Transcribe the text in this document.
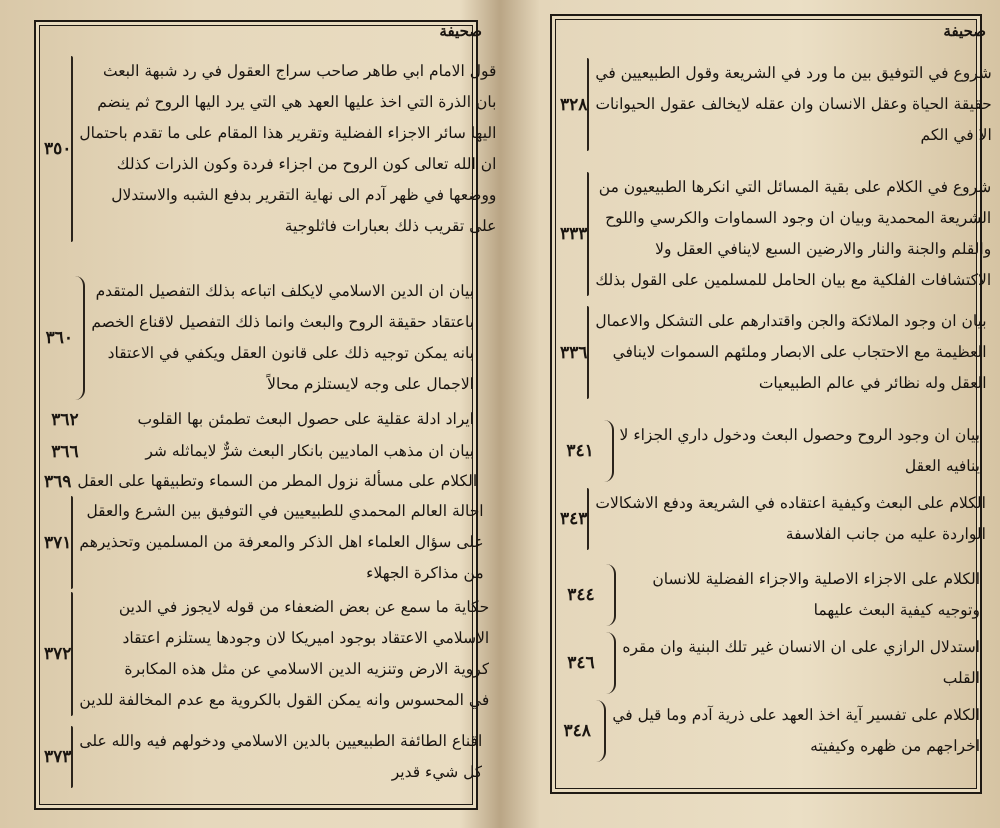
صحيفة
٣٥٠
قول الامام ابي طاهر صاحب سراج العقول في رد شبهة البعث
بان الذرة التي اخذ عليها العهد هي التي يرد اليها الروح ثم ينضم
اليها سائر الاجزاء الفضلية وتقرير هذا المقام على ما تقدم باحتمال
ان الله تعالى كون الروح من اجزاء فردة وكون الذرات كذلك
ووضعها في ظهر آدم الى نهاية التقرير بدفع الشبه والاستدلال
على تقريب ذلك بعبارات فاثلوجية
٣٦٠
بيان ان الدين الاسلامي لايكلف اتباعه بذلك التفصيل المتقدم
باعتقاد حقيقة الروح والبعث وانما ذلك التفصيل لاقناع الخصم
بانه يمكن توجيه ذلك على قانون العقل ويكفي في الاعتقاد
الاجمال على وجه لايستلزم محالاً
٣٦٢	ايراد ادلة عقلية على حصول البعث تطمئن بها القلوب
٣٦٦	بيان ان مذهب الماديين بانكار البعث شرٌّ لايماثله شر
٣٦٩ الكلام على مسألة نزول المطر من السماء وتطبيقها على العقل
٣٧١
احالة العالم المحمدي للطبيعيين في التوفيق بين الشرع والعقل
على سؤال العلماء اهل الذكر والمعرفة من المسلمين وتحذيرهم
من مذاكرة الجهلاء
٣٧٢
حكاية ما سمع عن بعض الضعفاء من قوله لايجوز في الدين
الاسلامي الاعتقاد بوجود اميريكا لان وجودها يستلزم اعتقاد
كروية الارض وتنزيه الدين الاسلامي عن مثل هذه المكابرة
في المحسوس وانه يمكن القول بالكروية مع عدم المخالفة للدين
٣٧٣
اقناع الطائفة الطبيعيين بالدين الاسلامي ودخولهم فيه والله على
كل شيء قدير
صحيفة
٣٢٨
شروع في التوفيق بين ما ورد في الشريعة وقول الطبيعيين في
حقيقة الحياة وعقل الانسان وان عقله لايخالف عقول الحيوانات
الا في الكم
٣٣٣
شروع في الكلام على بقية المسائل التي انكرها الطبيعيون من
الشريعة المحمدية وبيان ان وجود السماوات والكرسي واللوح
والقلم والجنة والنار والارضين السبع لاينافي العقل ولا
الاكتشافات الفلكية مع بيان الحامل للمسلمين على القول بذلك
٣٣٦
بيان ان وجود الملائكة والجن واقتدارهم على التشكل والاعمال
العظيمة مع الاحتجاب على الابصار وملئهم السموات لاينافي
العقل وله نظائر في عالم الطبيعيات
٣٤١
بيان ان وجود الروح وحصول البعث ودخول داري الجزاء لا
ينافيه العقل
٣٤٣
الكلام على البعث وكيفية اعتقاده في الشريعة ودفع الاشكالات
الواردة عليه من جانب الفلاسفة
٣٤٤
الكلام على الاجزاء الاصلية والاجزاء الفضلية للانسان
وتوجيه كيفية البعث عليهما
٣٤٦
استدلال الرازي على ان الانسان غير تلك البنية وان مقره
القلب
٣٤٨
الكلام على تفسير آية اخذ العهد على ذرية آدم وما قيل في
اخراجهم من ظهره وكيفيته
